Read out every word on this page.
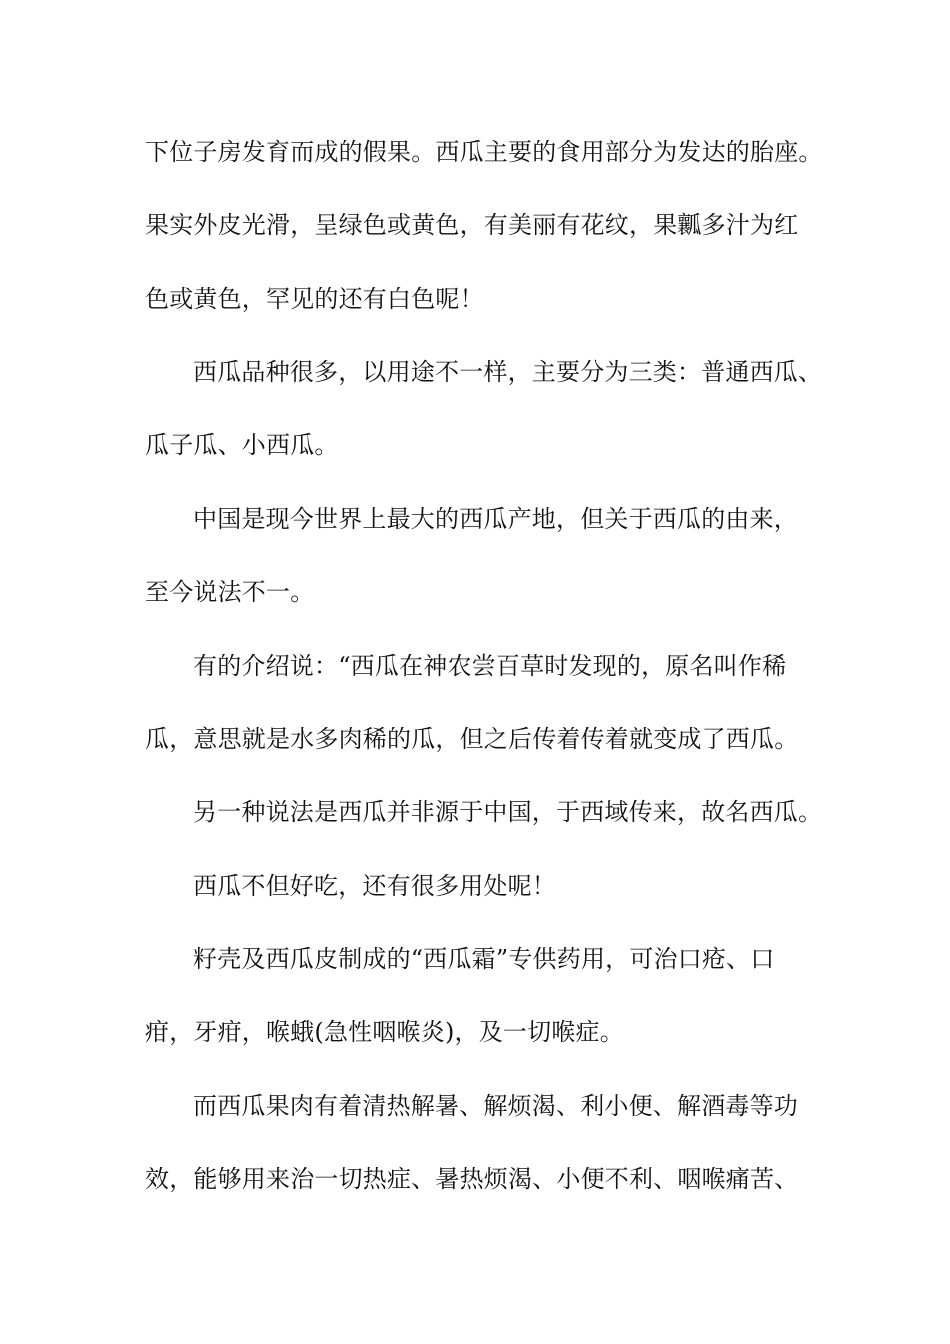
下位子房发育而成的假果。西瓜主要的食用部分为发达的胎座。

果实外皮光滑，呈绿色或黄色，有美丽有花纹，果瓤多汁为红

色或黄色，罕见的还有白色呢！

西瓜品种很多，以用途不一样，主要分为三类：普通西瓜、

瓜子瓜、小西瓜。

中国是现今世界上最大的西瓜产地，但关于西瓜的由来，

至今说法不一。

有的介绍说：“西瓜在神农尝百草时发现的，原名叫作稀

瓜，意思就是水多肉稀的瓜，但之后传着传着就变成了西瓜。

另一种说法是西瓜并非源于中国，于西域传来，故名西瓜。

西瓜不但好吃，还有很多用处呢！

籽壳及西瓜皮制成的“西瓜霜”专供药用，可治口疮、口

疳，牙疳，喉蛾(急性咽喉炎)，及一切喉症。

而西瓜果肉有着清热解暑、解烦渴、利小便、解酒毒等功

效，能够用来治一切热症、暑热烦渴、小便不利、咽喉痛苦、
